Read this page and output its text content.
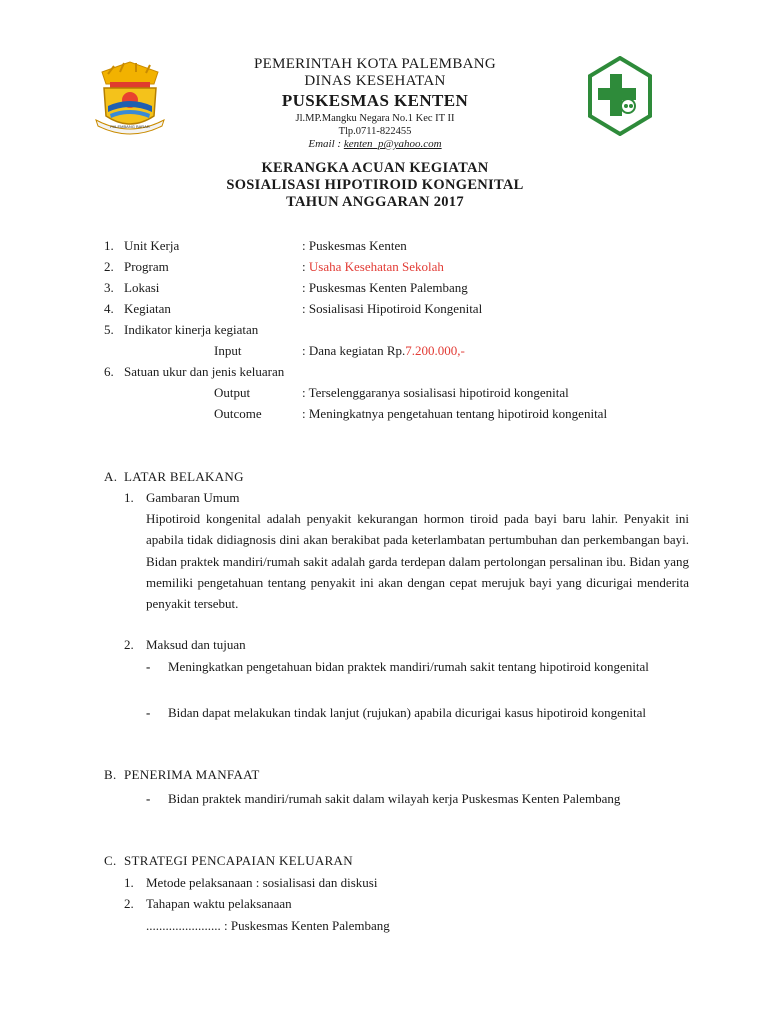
PALEMBANG BARAR
PEMERINTAH KOTA PALEMBANG
DINAS KESEHATAN
PUSKESMAS KENTEN
Jl.MP.Mangku Negara No.1 Kec IT II
Tlp.0711-822455
Email : kenten_p@yahoo.com
KERANGKA ACUAN KEGIATAN
SOSIALISASI HIPOTIROID KONGENITAL
TAHUN ANGGARAN 2017
1. Unit Kerja	: Puskesmas Kenten
2. Program	: Usaha Kesehatan Sekolah
3. Lokasi	: Puskesmas Kenten Palembang
4. Kegiatan	: Sosialisasi Hipotiroid Kongenital
5. Indikator kinerja kegiatan
Input	: Dana kegiatan Rp.7.200.000,-
6. Satuan ukur dan jenis keluaran
Output	: Terselenggaranya sosialisasi hipotiroid kongenital
Outcome	: Meningkatnya pengetahuan tentang hipotiroid kongenital
A. LATAR BELAKANG
1. Gambaran Umum
Hipotiroid kongenital adalah penyakit kekurangan hormon tiroid pada bayi baru lahir. Penyakit ini apabila tidak didiagnosis dini akan berakibat pada keterlambatan pertumbuhan dan perkembangan bayi. Bidan praktek mandiri/rumah sakit adalah garda terdepan dalam pertolongan persalinan ibu. Bidan yang memiliki pengetahuan tentang penyakit ini akan dengan cepat merujuk bayi yang dicurigai menderita penyakit tersebut.
2. Maksud dan tujuan
- Meningkatkan pengetahuan bidan praktek mandiri/rumah sakit tentang hipotiroid kongenital
- Bidan dapat melakukan tindak lanjut (rujukan) apabila dicurigai kasus hipotiroid kongenital
B. PENERIMA MANFAAT
- Bidan praktek mandiri/rumah sakit dalam wilayah kerja Puskesmas Kenten Palembang
C. STRATEGI PENCAPAIAN KELUARAN
1. Metode pelaksanaan : sosialisasi dan diskusi
2. Tahapan waktu pelaksanaan
....................... : Puskesmas Kenten Palembang
